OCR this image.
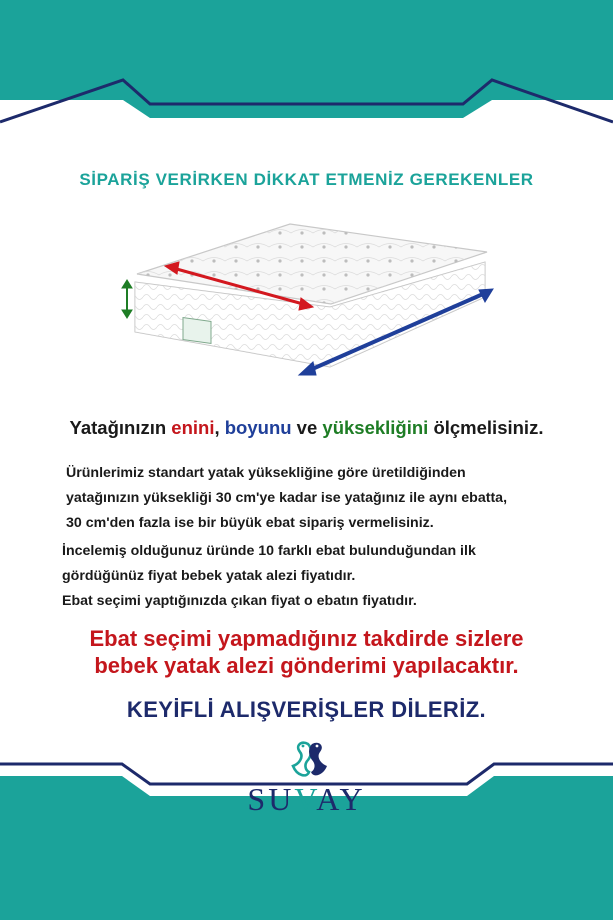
SİPARİŞ VERİRKEN DİKKAT ETMENİZ GEREKENLER
Yatağınızın enini, boyunu ve yüksekliğini ölçmelisiniz.
Ürünlerimiz standart yatak yüksekliğine göre üretildiğinden
yatağınızın yüksekliği 30 cm'ye kadar ise yatağınız ile aynı ebatta,
30 cm'den fazla ise bir büyük ebat sipariş vermelisiniz.
İncelemiş olduğunuz üründe 10 farklı ebat bulunduğundan ilk
gördüğünüz fiyat bebek yatak alezi fiyatıdır.
Ebat seçimi yaptığınızda çıkan fiyat o ebatın fiyatıdır.
Ebat seçimi yapmadığınız takdirde sizlere
bebek yatak alezi gönderimi yapılacaktır.
KEYİFLİ ALIŞVERİŞLER DİLERİZ.
SUVAY
